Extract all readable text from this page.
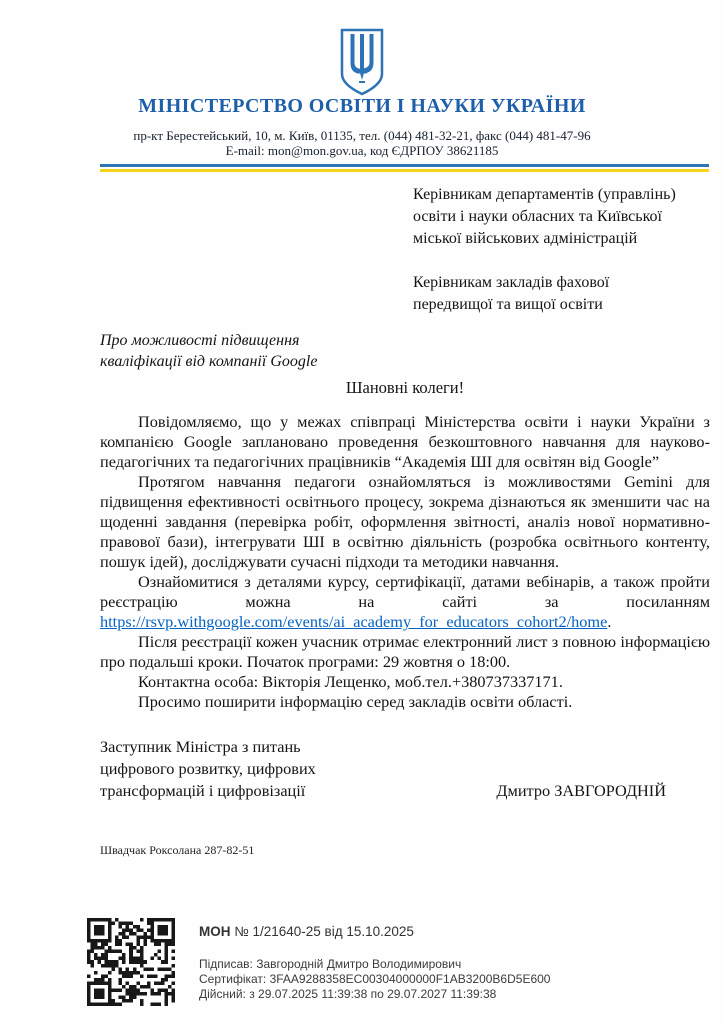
МІНІСТЕРСТВО ОСВІТИ І НАУКИ УКРАЇНИ
пр-кт Берестейський, 10, м. Київ, 01135, тел. (044) 481-32-21, факс (044) 481-47-96
E-mail: mon@mon.gov.ua, код ЄДРПОУ 38621185
Керівникам департаментів (управлінь) освіти і науки обласних та Київської міської військових адміністрацій
Керівникам закладів фахової передвищої та вищої освіти
Про можливості підвищення кваліфікації від компанії Google
Шановні колеги!

Повідомляємо, що у межах співпраці Міністерства освіти і науки України з компанією Google заплановано проведення безкоштовного навчання для науково-педагогічних та педагогічних працівників “Академія ШІ для освітян від Google”

Протягом навчання педагоги ознайомляться із можливостями Gemini для підвищення ефективності освітнього процесу, зокрема дізнаються як зменшити час на щоденні завдання (перевірка робіт, оформлення звітності, аналіз нової нормативно-правової бази), інтегрувати ШІ в освітню діяльність (розробка освітнього контенту, пошук ідей), досліджувати сучасні підходи та методики навчання.

Ознайомитися з деталями курсу, сертифікації, датами вебінарів, а також пройти реєстрацію можна на сайті за посиланням https://rsvp.withgoogle.com/events/ai_academy_for_educators_cohort2/home.

Після реєстрації кожен учасник отримає електронний лист з повною інформацією про подальші кроки. Початок програми: 29 жовтня о 18:00.

Контактна особа: Вікторія Лещенко, моб.тел.+380737337171.

Просимо поширити інформацію серед закладів освіти області.

Заступник Міністра з питань цифрового розвитку, цифрових трансформацій і цифровізації	Дмитро ЗАВГОРОДНІЙ
Швадчак Роксолана 287-82-51
МОН № 1/21640-25 від 15.10.2025
Підписав: Завгородній Дмитро Володимирович
Сертифікат: 3FAA9288358EC00304000000F1AB3200B6D5E600
Дійсний: з 29.07.2025 11:39:38 по 29.07.2027 11:39:38
